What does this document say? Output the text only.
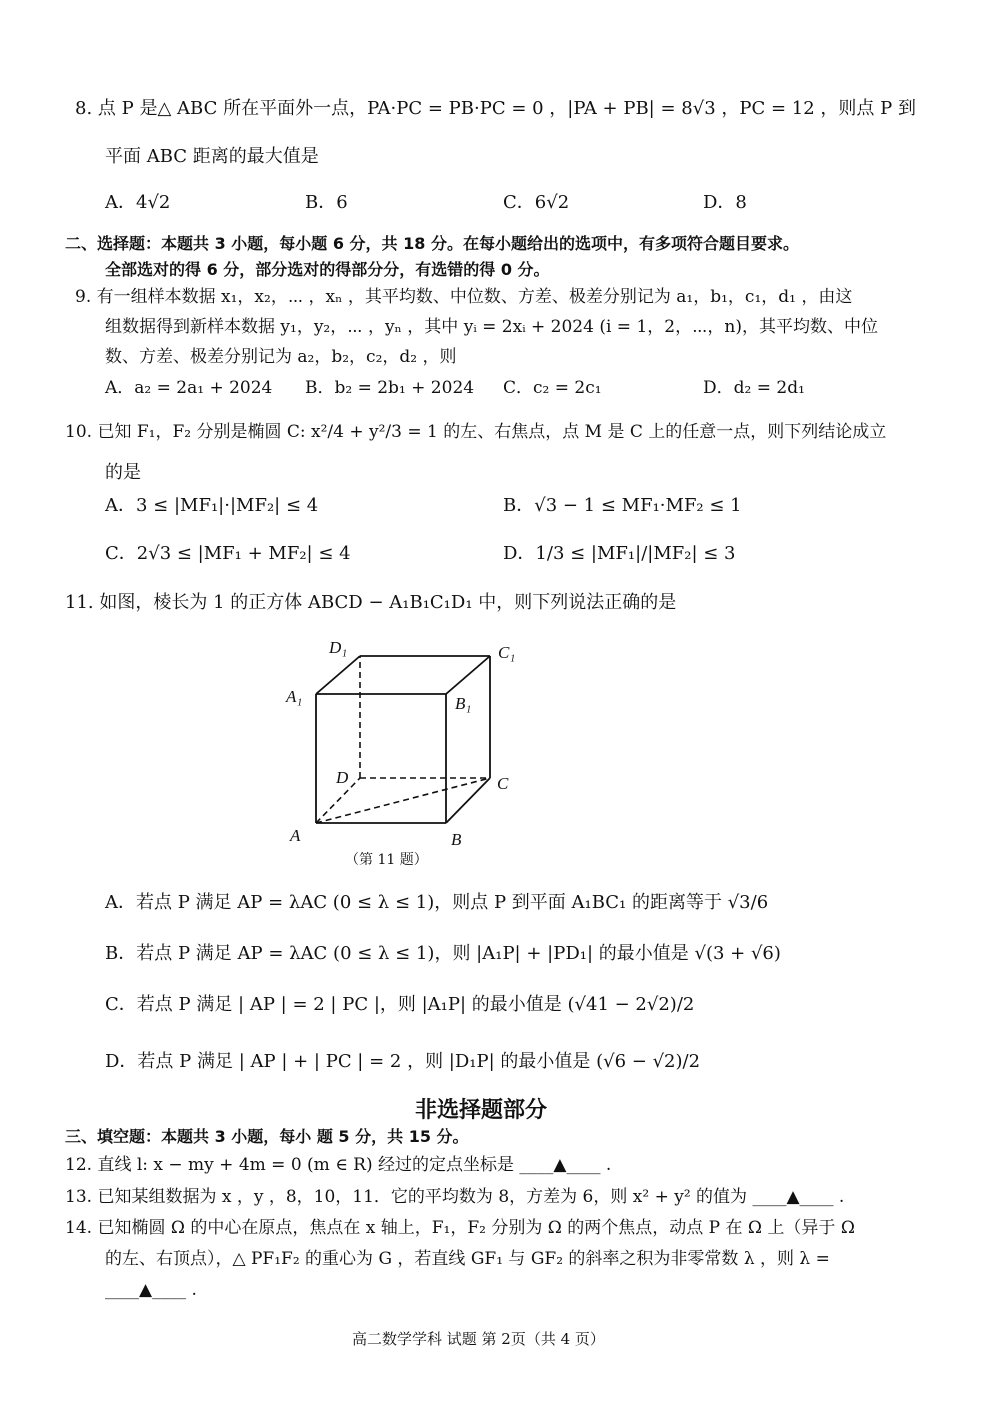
8. 点 P 是△ ABC 所在平面外一点，PA·PC = PB·PC = 0 ，|PA + PB| = 8√3 ，PC = 12 ，则点 P 到
平面 ABC 距离的最大值是
A．4√2	B．6	C．6√2	D．8
二、选择题：本题共 3 小题，每小题 6 分，共 18 分。在每小题给出的选项中，有多项符合题目要求。
全部选对的得 6 分，部分选对的得部分分，有选错的得 0 分。
9. 有一组样本数据 x₁，x₂，⋯ ，xₙ ，其平均数、中位数、方差、极差分别记为 a₁，b₁，c₁，d₁ ，由这
组数据得到新样本数据 y₁，y₂，⋯ ，yₙ ，其中 yᵢ = 2xᵢ + 2024 (i = 1，2，⋯，n)，其平均数、中位
数、方差、极差分别记为 a₂，b₂，c₂，d₂ ，则
A．a₂ = 2a₁ + 2024 B．b₂ = 2b₁ + 2024 C．c₂ = 2c₁	D．d₂ = 2d₁
10. 已知 F₁，F₂ 分别是椭圆 C: x²/4 + y²/3 = 1 的左、右焦点，点 M 是 C 上的任意一点，则下列结论成立
的是
A．3 ≤ |MF₁|·|MF₂| ≤ 4	B．√3 − 1 ≤ MF₁·MF₂ ≤ 1
C．2√3 ≤ |MF₁ + MF₂| ≤ 4	D．1/3 ≤ |MF₁|/|MF₂| ≤ 3
11. 如图，棱长为 1 的正方体 ABCD − A₁B₁C₁D₁ 中，则下列说法正确的是
D₁	C₁
A₁	B₁
D	C
A	B
（第 11 题）
A．若点 P 满足 AP = λAC (0 ≤ λ ≤ 1)，则点 P 到平面 A₁BC₁ 的距离等于 √3/6
B．若点 P 满足 AP = λAC (0 ≤ λ ≤ 1)，则 |A₁P| + |PD₁| 的最小值是 √(3 + √6)
C．若点 P 满足 | AP | = 2 | PC |，则 |A₁P| 的最小值是 (√41 − 2√2)/2
D．若点 P 满足 | AP | + | PC | = 2 ，则 |D₁P| 的最小值是 (√6 − √2)/2
非选择题部分
三、填空题：本题共 3 小题，每小 题 5 分，共 15 分。
12. 直线 l: x − my + 4m = 0 (m ∈ R) 经过的定点坐标是 ____▲____ .
13. 已知某组数据为 x ，y ，8，10，11．它的平均数为 8，方差为 6，则 x² + y² 的值为 ____▲____ .
14. 已知椭圆 Ω 的中心在原点，焦点在 x 轴上，F₁，F₂ 分别为 Ω 的两个焦点，动点 P 在 Ω 上（异于 Ω
的左、右顶点），△ PF₁F₂ 的重心为 G ，若直线 GF₁ 与 GF₂ 的斜率之积为非零常数 λ ，则 λ =
____▲____ .
高二数学学科 试题 第 2页（共 4 页）
